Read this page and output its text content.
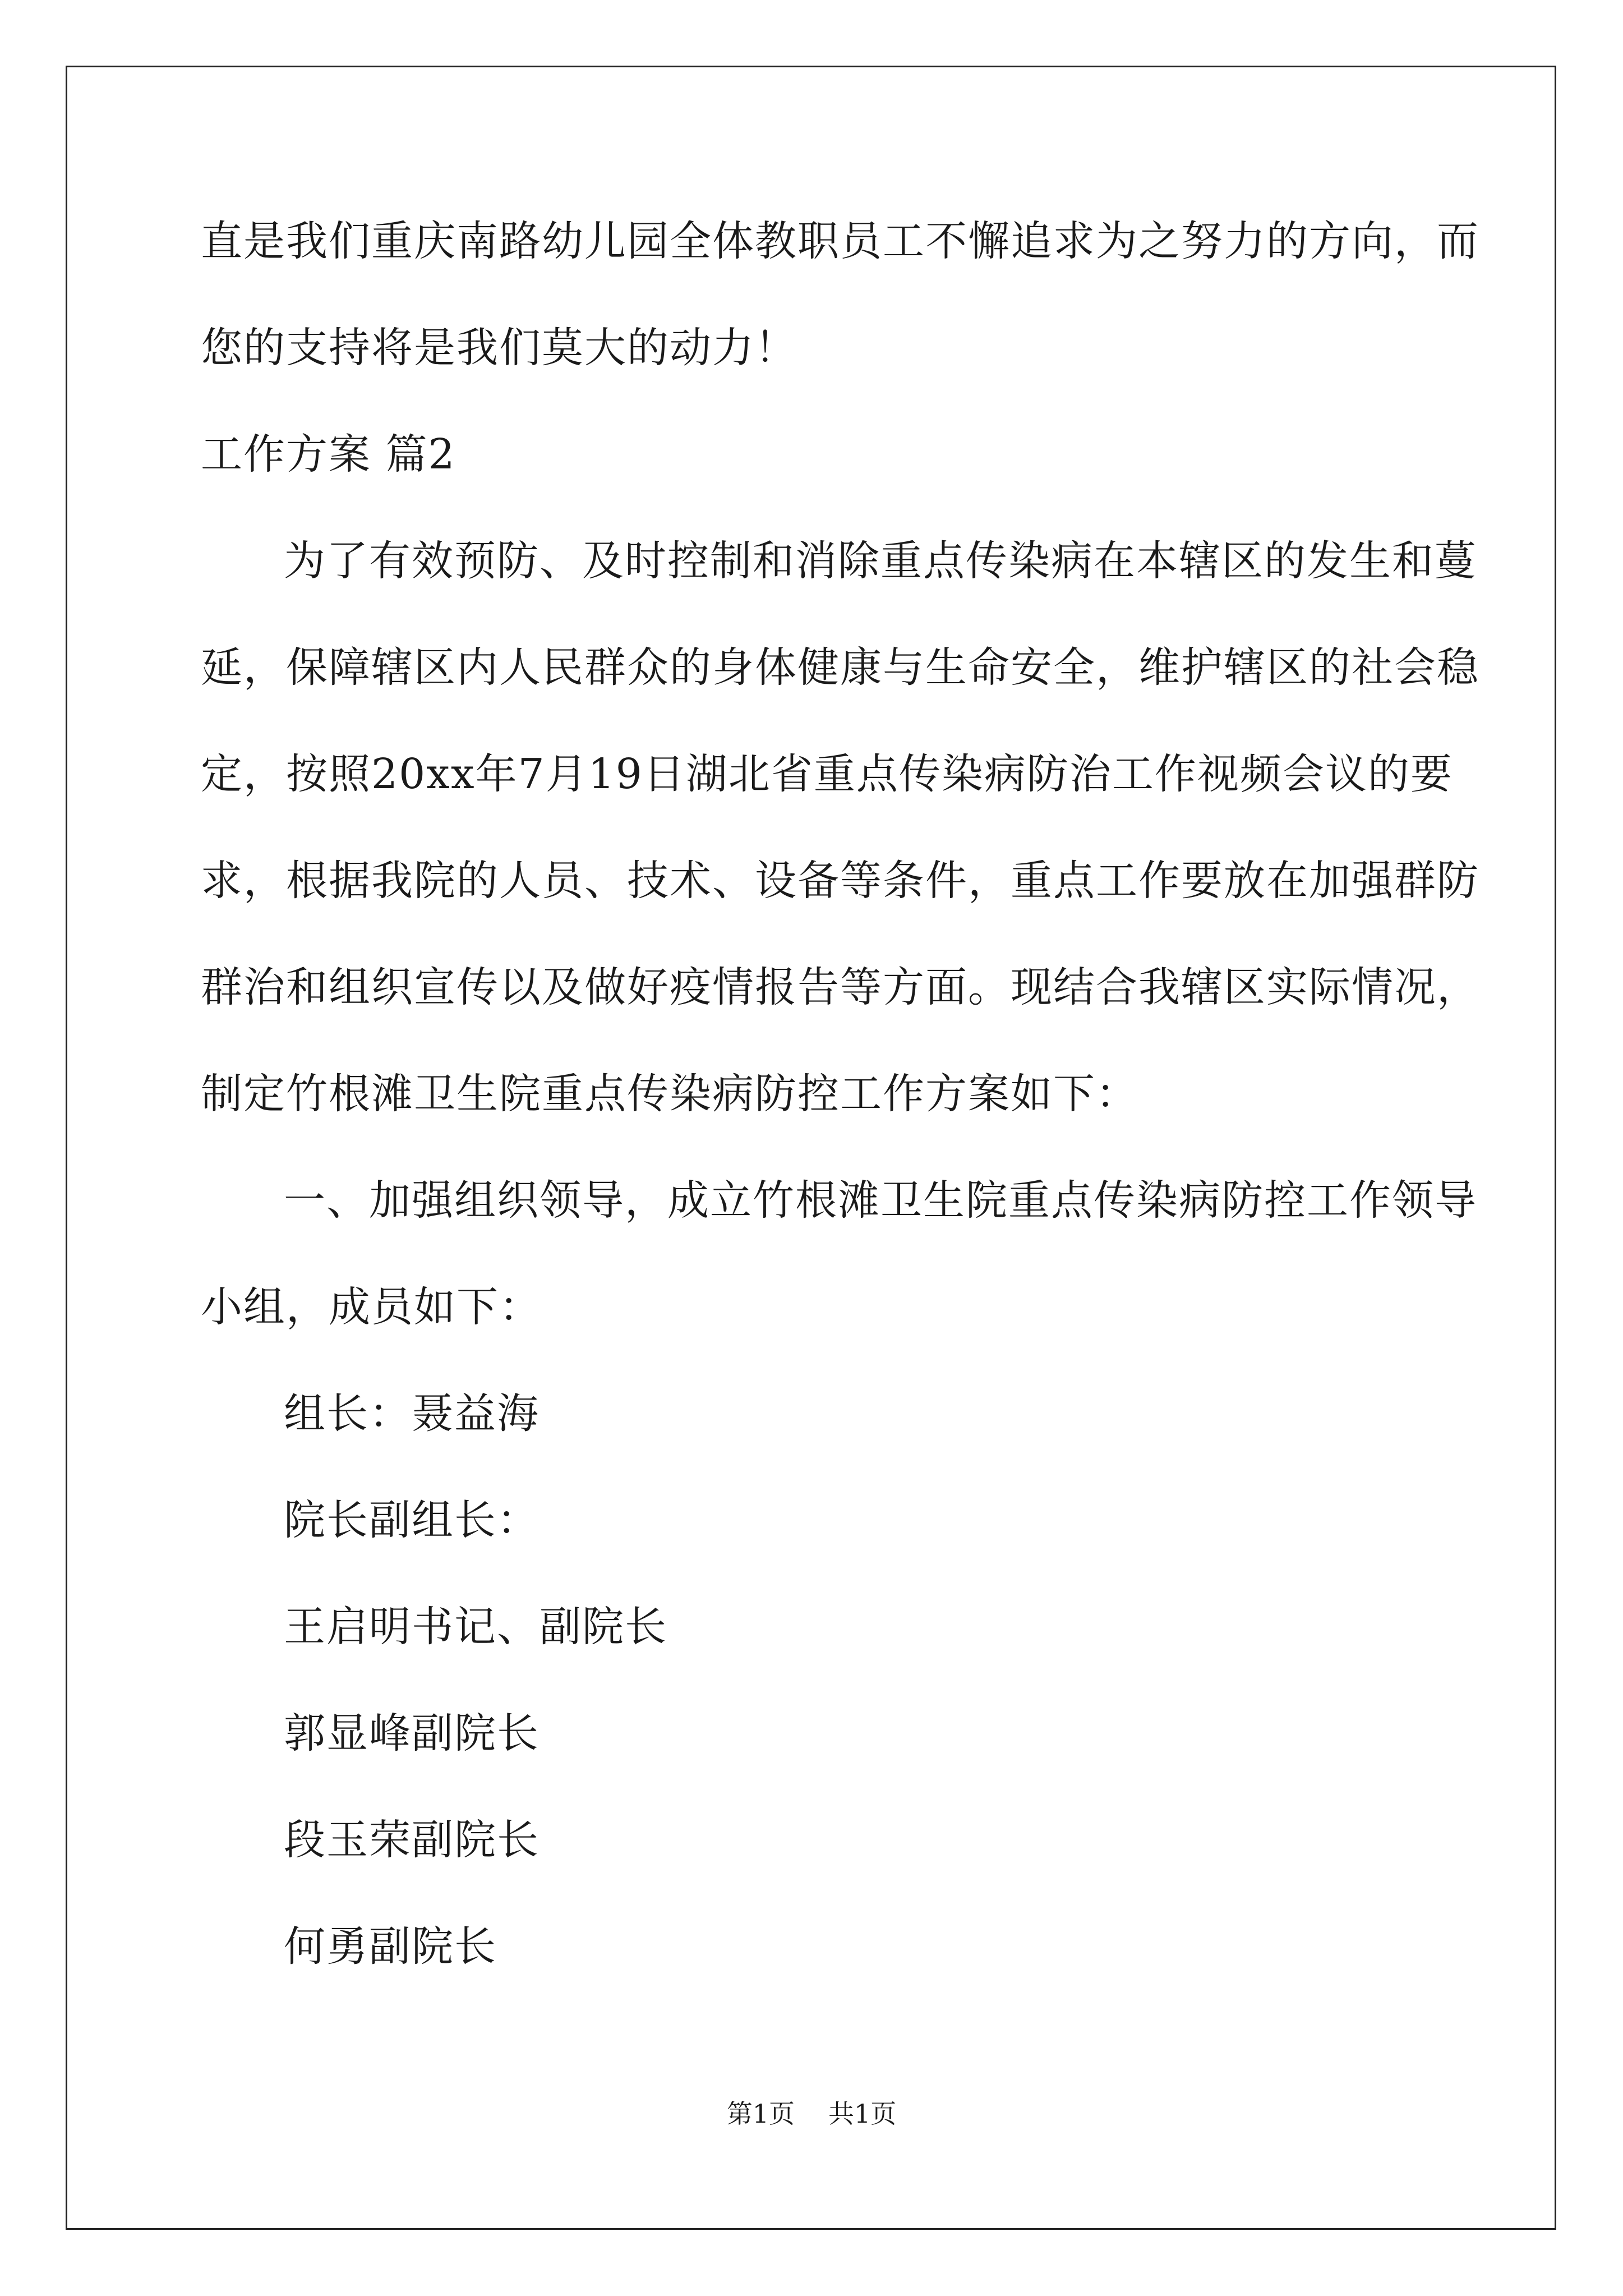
直是我们重庆南路幼儿园全体教职员工不懈追求为之努力的方向，而
您的支持将是我们莫大的动力！
工作方案 篇2
为了有效预防、及时控制和消除重点传染病在本辖区的发生和蔓
延，保障辖区内人民群众的身体健康与生命安全，维护辖区的社会稳
定，按照20xx年7月19日湖北省重点传染病防治工作视频会议的要
求，根据我院的人员、技术、设备等条件，重点工作要放在加强群防
群治和组织宣传以及做好疫情报告等方面。现结合我辖区实际情况，
制定竹根滩卫生院重点传染病防控工作方案如下：
一、加强组织领导，成立竹根滩卫生院重点传染病防控工作领导
小组，成员如下：
组长：聂益海
院长副组长：
王启明书记、副院长
郭显峰副院长
段玉荣副院长
何勇副院长
第1页 共1页
